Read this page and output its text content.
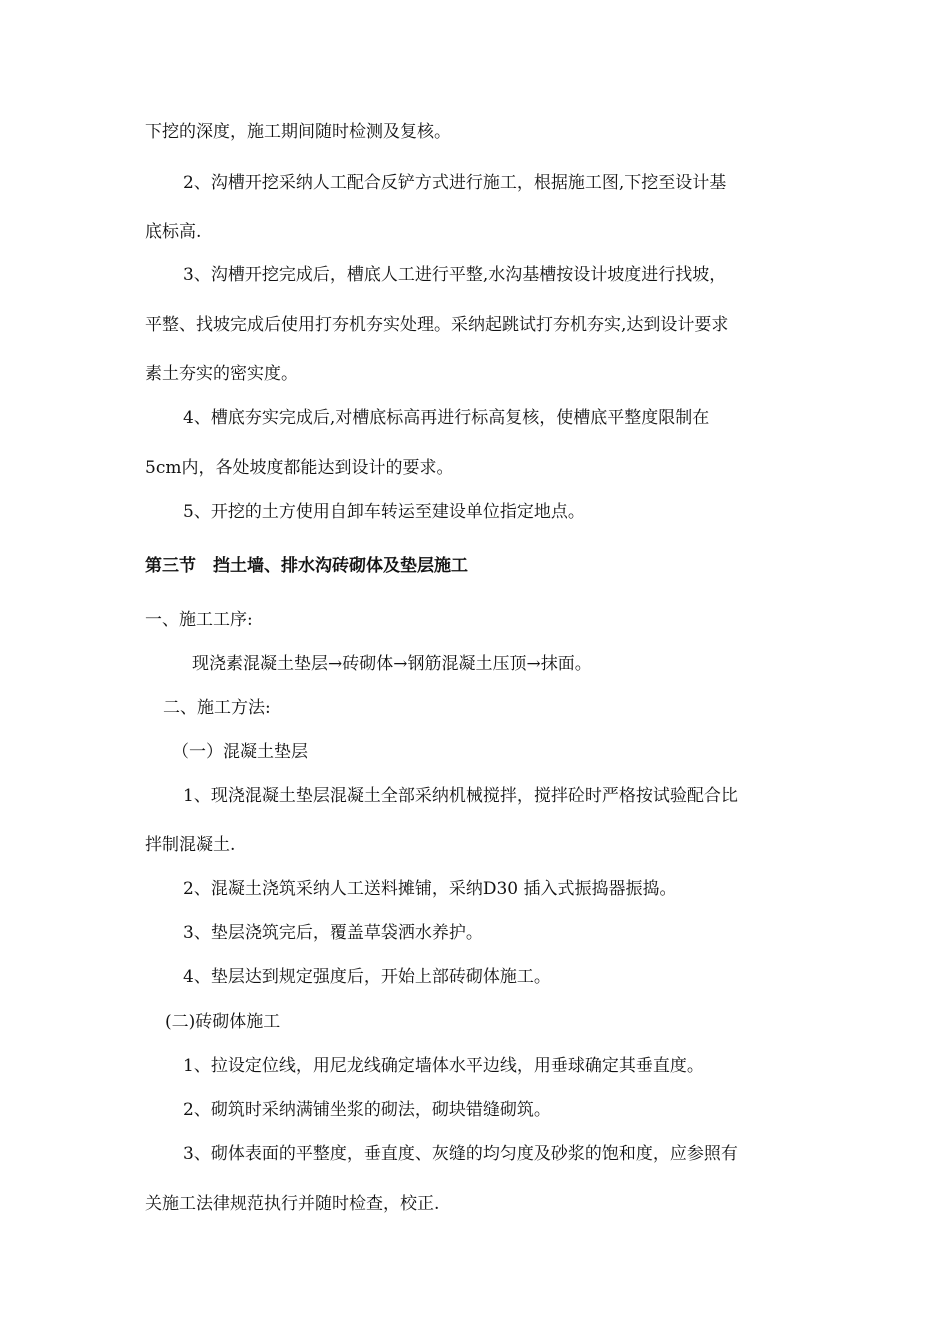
下挖的深度，施工期间随时检测及复核。
2、沟槽开挖采纳人工配合反铲方式进行施工，根据施工图,下挖至设计基
底标高.
3、沟槽开挖完成后，槽底人工进行平整,水沟基槽按设计坡度进行找坡，
平整、找坡完成后使用打夯机夯实处理。采纳起跳试打夯机夯实,达到设计要求
素土夯实的密实度。
4、槽底夯实完成后,对槽底标高再进行标高复核，使槽底平整度限制在
5cm内，各处坡度都能达到设计的要求。
5、开挖的土方使用自卸车转运至建设单位指定地点。
第三节　挡土墙、排水沟砖砌体及垫层施工
一、施工工序:
现浇素混凝土垫层→砖砌体→钢筋混凝土压顶→抹面。
二、施工方法:
（一）混凝土垫层
1、现浇混凝土垫层混凝土全部采纳机械搅拌，搅拌砼时严格按试验配合比
拌制混凝土.
2、混凝土浇筑采纳人工送料摊铺，采纳D30 插入式振捣器振捣。
3、垫层浇筑完后，覆盖草袋洒水养护。
4、垫层达到规定强度后，开始上部砖砌体施工。
(二)砖砌体施工
1、拉设定位线，用尼龙线确定墙体水平边线，用垂球确定其垂直度。
2、砌筑时采纳满铺坐浆的砌法，砌块错缝砌筑。
3、砌体表面的平整度，垂直度、灰缝的均匀度及砂浆的饱和度，应参照有
关施工法律规范执行并随时检查，校正.
